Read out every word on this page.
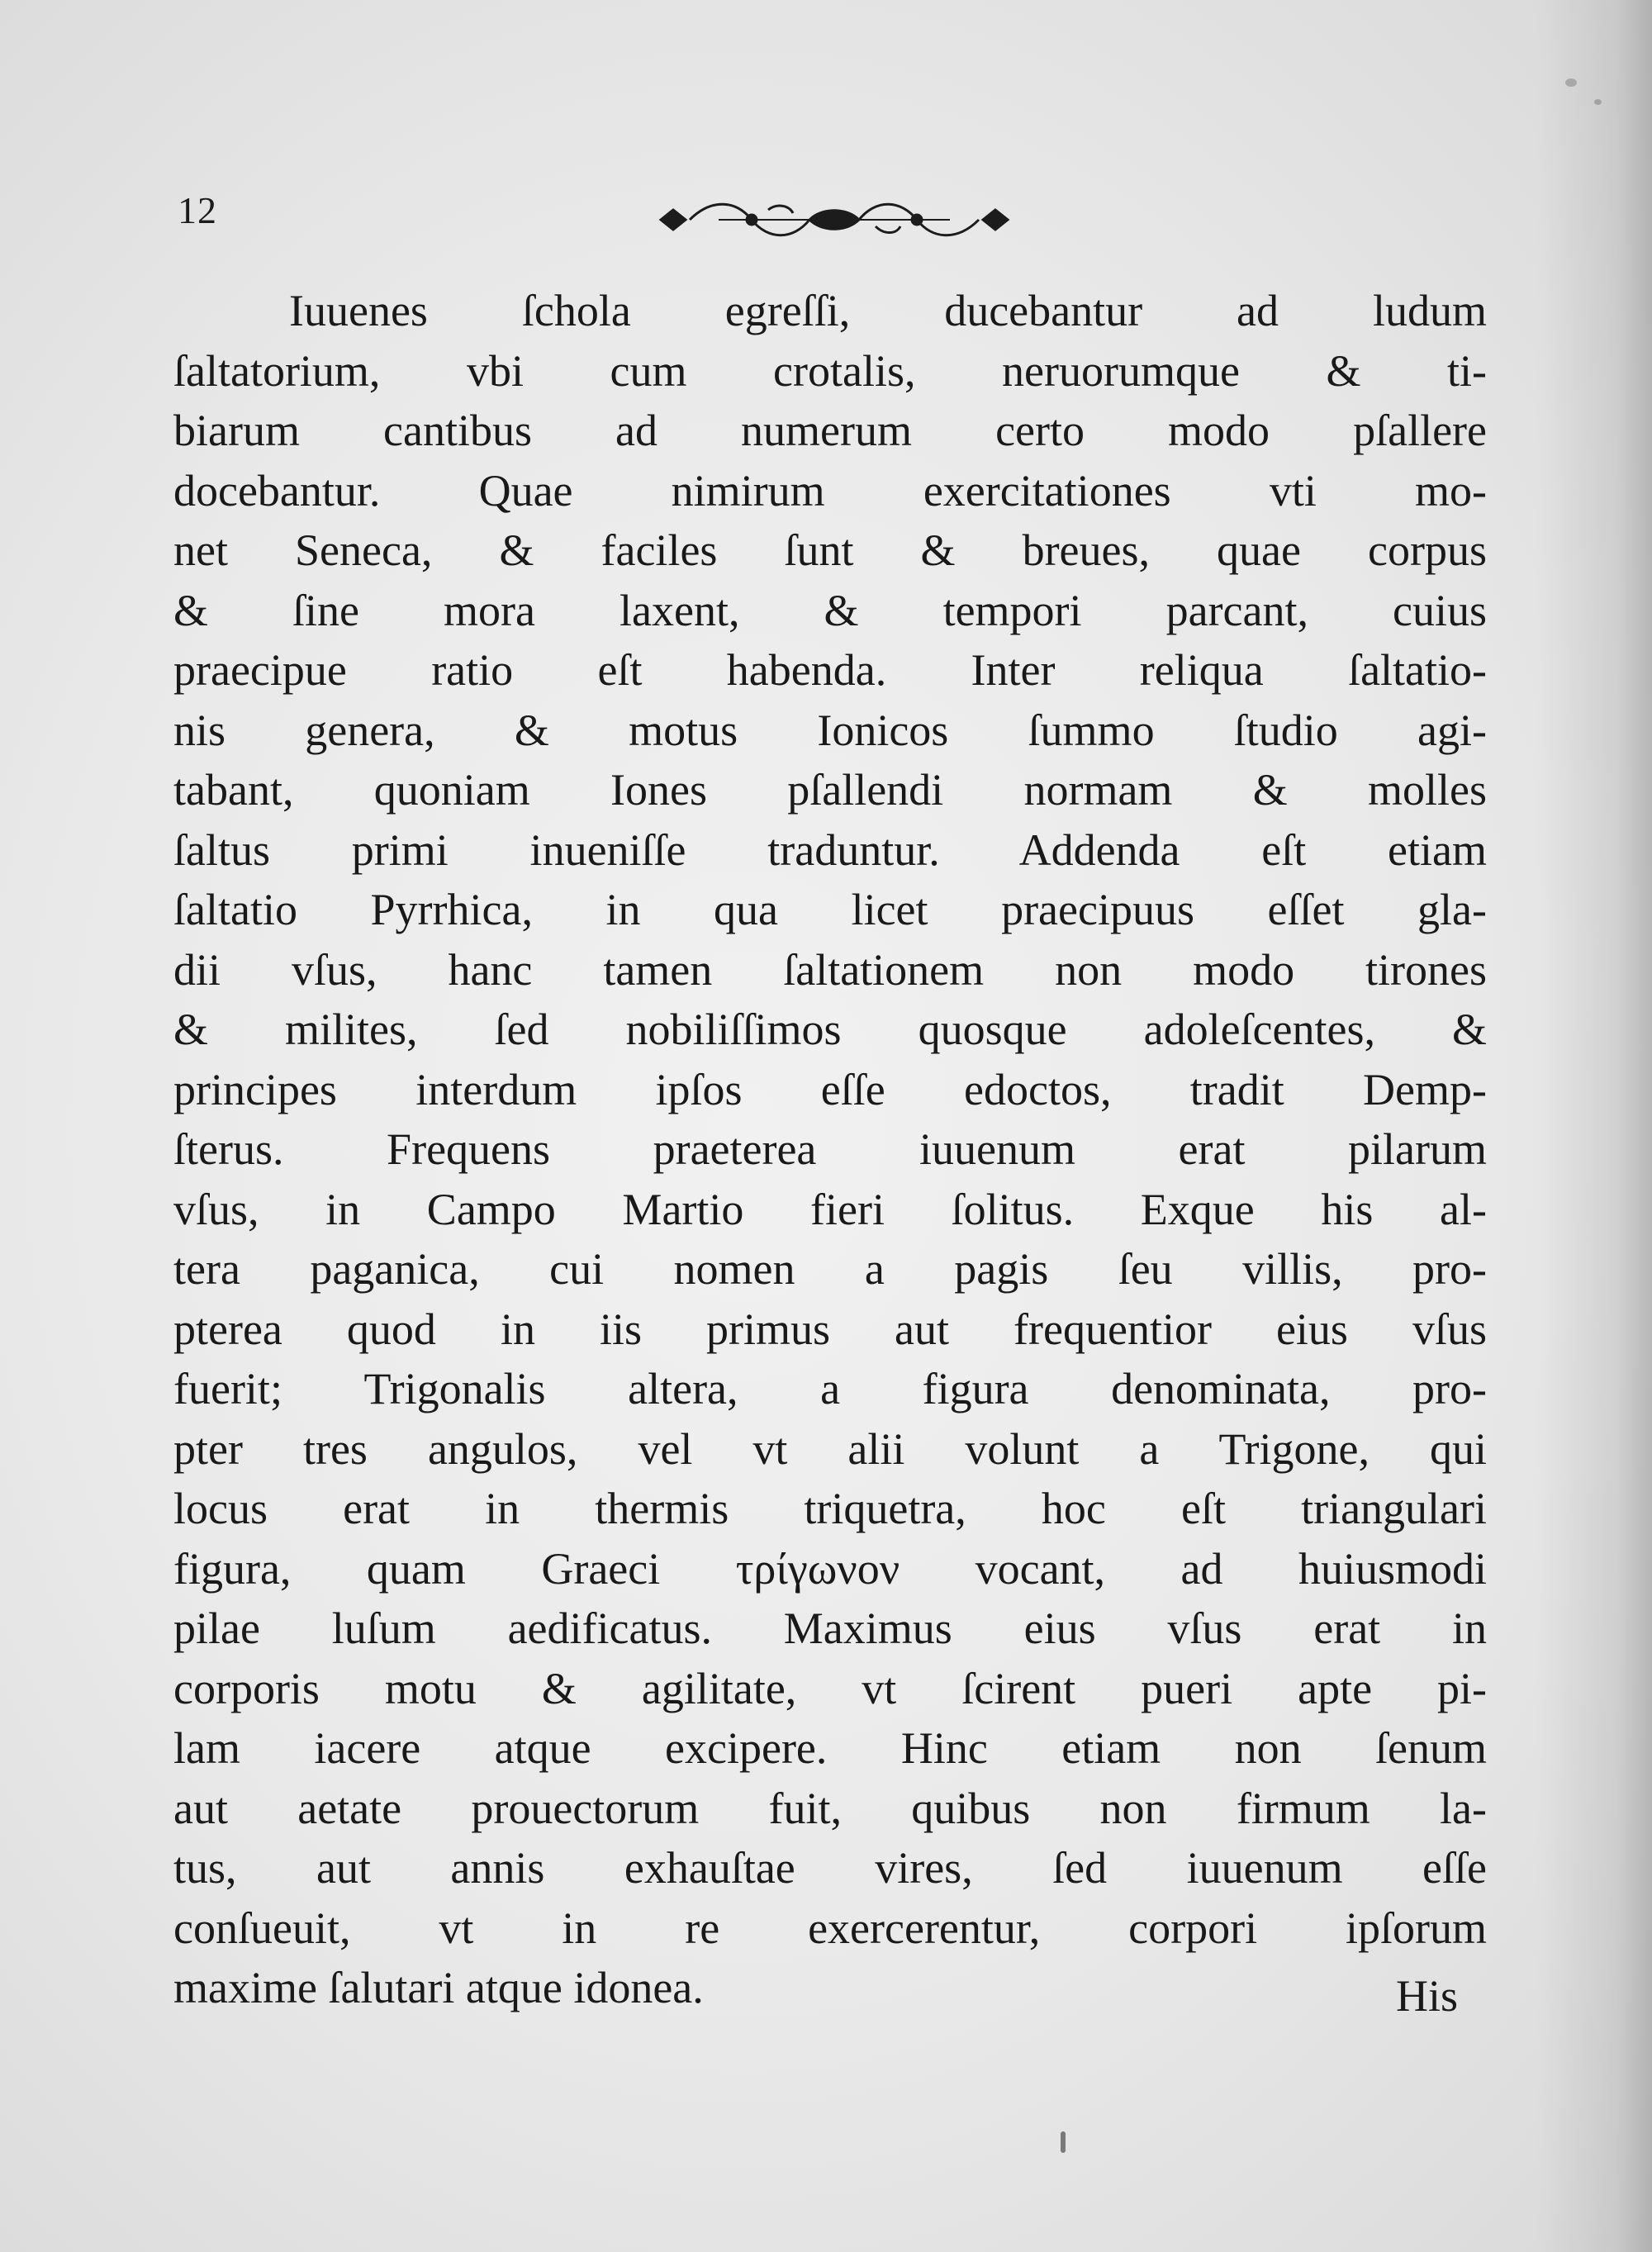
12
Iuuenes ſchola egreſſi, ducebantur ad ludum
ſaltatorium, vbi cum crotalis, neruorumque & ti-
biarum cantibus ad numerum certo modo pſallere
docebantur. Quae nimirum exercitationes vti mo-
net Seneca, & faciles ſunt & breues, quae corpus
& ſine mora laxent, & tempori parcant, cuius
praecipue ratio eſt habenda. Inter reliqua ſaltatio-
nis genera, & motus Ionicos ſummo ſtudio agi-
tabant, quoniam Iones pſallendi normam & molles
ſaltus primi inueniſſe traduntur. Addenda eſt etiam
ſaltatio Pyrrhica, in qua licet praecipuus eſſet gla-
dii vſus, hanc tamen ſaltationem non modo tirones
& milites, ſed nobiliſſimos quosque adoleſcentes, &
principes interdum ipſos eſſe edoctos, tradit Demp-
ſterus. Frequens praeterea iuuenum erat pilarum
vſus, in Campo Martio fieri ſolitus. Exque his al-
tera paganica, cui nomen a pagis ſeu villis, pro-
pterea quod in iis primus aut frequentior eius vſus
fuerit; Trigonalis altera, a figura denominata, pro-
pter tres angulos, vel vt alii volunt a Trigone, qui
locus erat in thermis triquetra, hoc eſt triangulari
figura, quam Graeci τρίγωνον vocant, ad huiusmodi
pilae luſum aedificatus. Maximus eius vſus erat in
corporis motu & agilitate, vt ſcirent pueri apte pi-
lam iacere atque excipere. Hinc etiam non ſenum
aut aetate prouectorum fuit, quibus non firmum la-
tus, aut annis exhauſtae vires, ſed iuuenum eſſe
conſueuit, vt in re exercerentur, corpori ipſorum
maxime ſalutari atque idonea.	His
